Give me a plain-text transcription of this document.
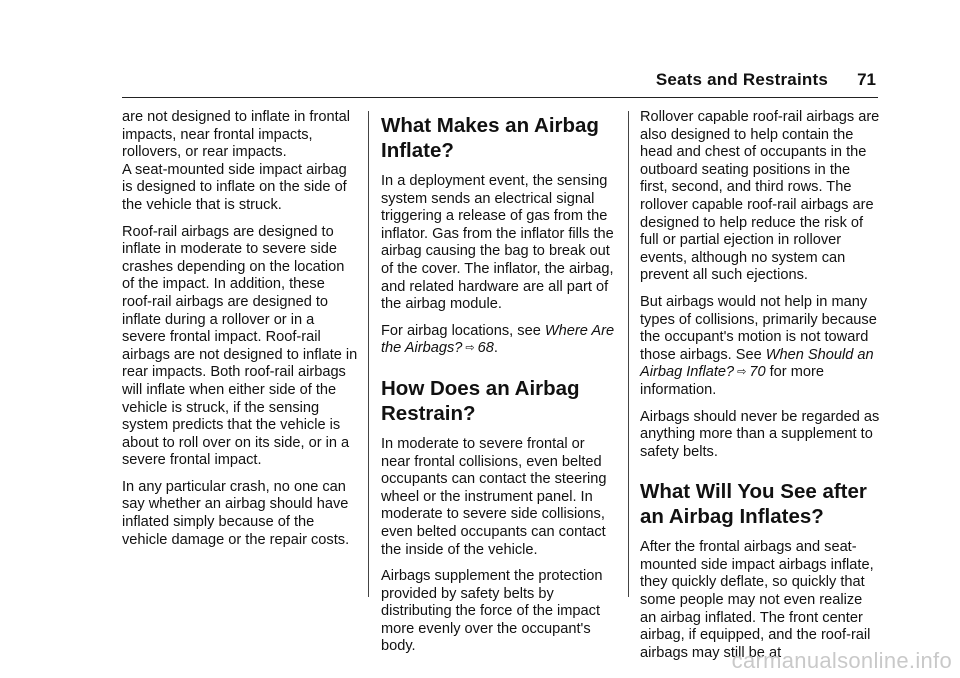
Seats and Restraints 71

are not designed to inflate in frontal impacts, near frontal impacts, rollovers, or rear impacts.

A seat-mounted side impact airbag is designed to inflate on the side of the vehicle that is struck.

Roof-rail airbags are designed to inflate in moderate to severe side crashes depending on the location of the impact. In addition, these roof-rail airbags are designed to inflate during a rollover or in a severe frontal impact. Roof-rail airbags are not designed to inflate in rear impacts. Both roof-rail airbags will inflate when either side of the vehicle is struck, if the sensing system predicts that the vehicle is about to roll over on its side, or in a severe frontal impact.

In any particular crash, no one can say whether an airbag should have inflated simply because of the vehicle damage or the repair costs.

What Makes an Airbag Inflate?

In a deployment event, the sensing system sends an electrical signal triggering a release of gas from the inflator. Gas from the inflator fills the airbag causing the bag to break out of the cover. The inflator, the airbag, and related hardware are all part of the airbag module.

For airbag locations, see Where Are the Airbags? ⇨ 68.

How Does an Airbag Restrain?

In moderate to severe frontal or near frontal collisions, even belted occupants can contact the steering wheel or the instrument panel. In moderate to severe side collisions, even belted occupants can contact the inside of the vehicle.

Airbags supplement the protection provided by safety belts by distributing the force of the impact more evenly over the occupant's body.

Rollover capable roof-rail airbags are also designed to help contain the head and chest of occupants in the outboard seating positions in the first, second, and third rows. The rollover capable roof-rail airbags are designed to help reduce the risk of full or partial ejection in rollover events, although no system can prevent all such ejections.

But airbags would not help in many types of collisions, primarily because the occupant's motion is not toward those airbags. See When Should an Airbag Inflate? ⇨ 70 for more information.

Airbags should never be regarded as anything more than a supplement to safety belts.

What Will You See after an Airbag Inflates?

After the frontal airbags and seat-mounted side impact airbags inflate, they quickly deflate, so quickly that some people may not even realize an airbag inflated. The front center airbag, if equipped, and the roof-rail airbags may still be at

carmanualsonline.info
